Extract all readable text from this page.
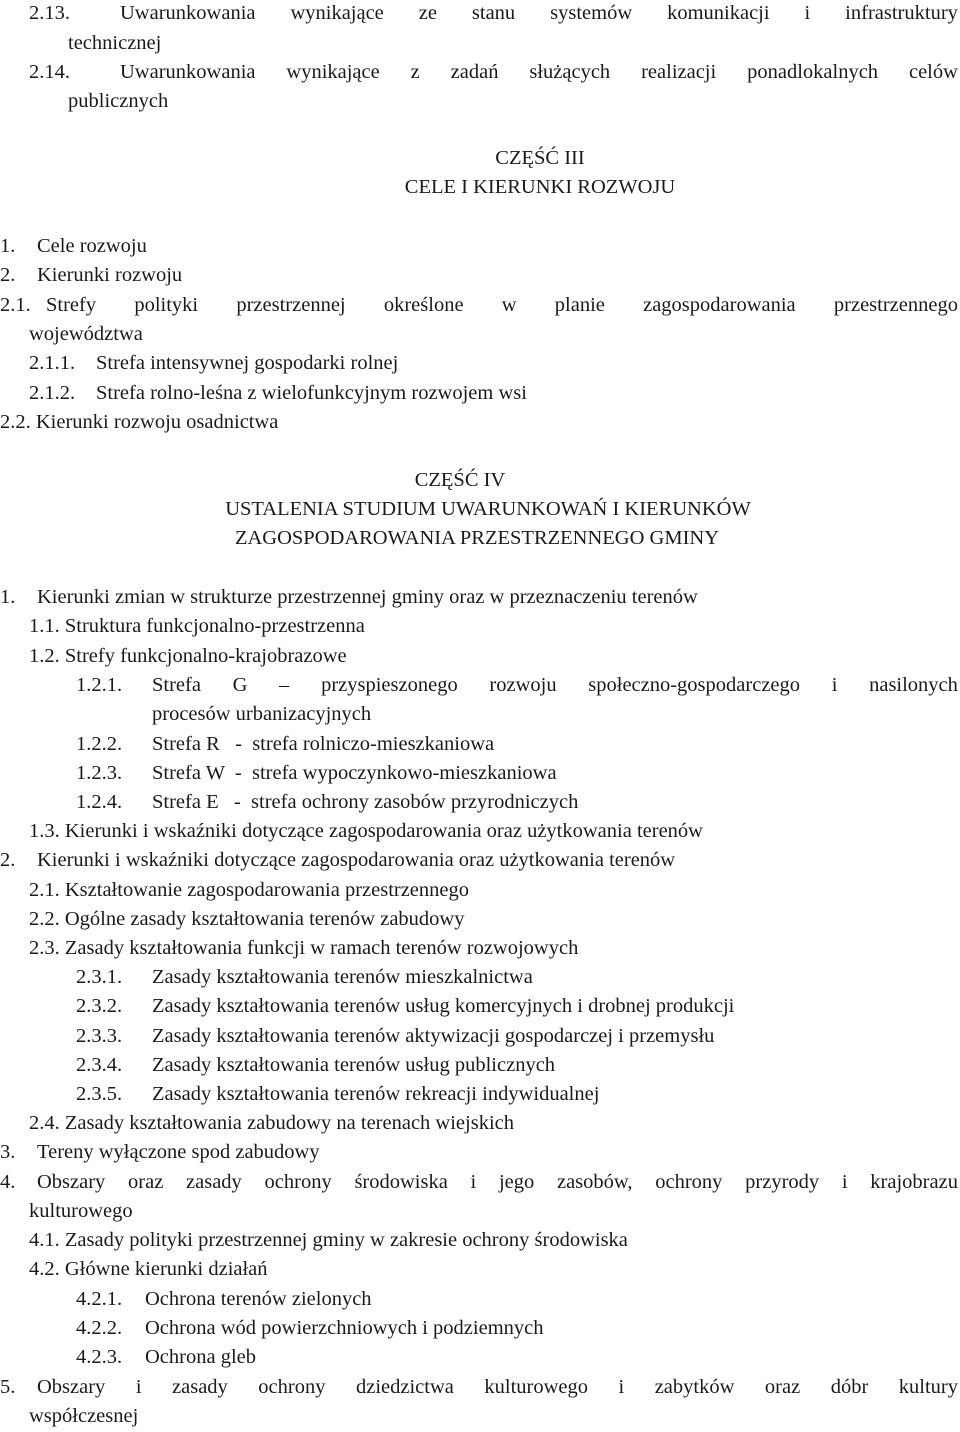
2.13. Uwarunkowania wynikające ze stanu systemów komunikacji i infrastruktury
technicznej
2.14. Uwarunkowania wynikające z zadań służących realizacji ponadlokalnych celów
publicznych
CZĘŚĆ III
CELE I KIERUNKI ROZWOJU
1. Cele rozwoju
2. Kierunki rozwoju
2.1. Strefy polityki przestrzennej określone w planie zagospodarowania przestrzennego
województwa
2.1.1. Strefa intensywnej gospodarki rolnej
2.1.2. Strefa rolno-leśna z wielofunkcyjnym rozwojem wsi
2.2. Kierunki rozwoju osadnictwa
CZĘŚĆ IV
USTALENIA STUDIUM UWARUNKOWAŃ I KIERUNKÓW
ZAGOSPODAROWANIA PRZESTRZENNEGO GMINY
1. Kierunki zmian w strukturze przestrzennej gminy oraz w przeznaczeniu terenów
1.1. Struktura funkcjonalno-przestrzenna
1.2. Strefy funkcjonalno-krajobrazowe
1.2.1. Strefa G – przyspieszonego rozwoju społeczno-gospodarczego i nasilonych
procesów urbanizacyjnych
1.2.2. Strefa R   -  strefa rolniczo-mieszkaniowa
1.2.3. Strefa W  -  strefa wypoczynkowo-mieszkaniowa
1.2.4. Strefa E   -  strefa ochrony zasobów przyrodniczych
1.3. Kierunki i wskaźniki dotyczące zagospodarowania oraz użytkowania terenów
2. Kierunki i wskaźniki dotyczące zagospodarowania oraz użytkowania terenów
2.1. Kształtowanie zagospodarowania przestrzennego
2.2. Ogólne zasady kształtowania terenów zabudowy
2.3. Zasady kształtowania funkcji w ramach terenów rozwojowych
2.3.1. Zasady kształtowania terenów mieszkalnictwa
2.3.2. Zasady kształtowania terenów usług komercyjnych i drobnej produkcji
2.3.3. Zasady kształtowania terenów aktywizacji gospodarczej i przemysłu
2.3.4. Zasady kształtowania terenów usług publicznych
2.3.5. Zasady kształtowania terenów rekreacji indywidualnej
2.4. Zasady kształtowania zabudowy na terenach wiejskich
3. Tereny wyłączone spod zabudowy
4. Obszary oraz zasady ochrony środowiska i jego zasobów, ochrony przyrody i krajobrazu
kulturowego
4.1. Zasady polityki przestrzennej gminy w zakresie ochrony środowiska
4.2. Główne kierunki działań
4.2.1. Ochrona terenów zielonych
4.2.2. Ochrona wód powierzchniowych i podziemnych
4.2.3. Ochrona gleb
5. Obszary i zasady ochrony dziedzictwa kulturowego i zabytków oraz dóbr kultury
współczesnej
